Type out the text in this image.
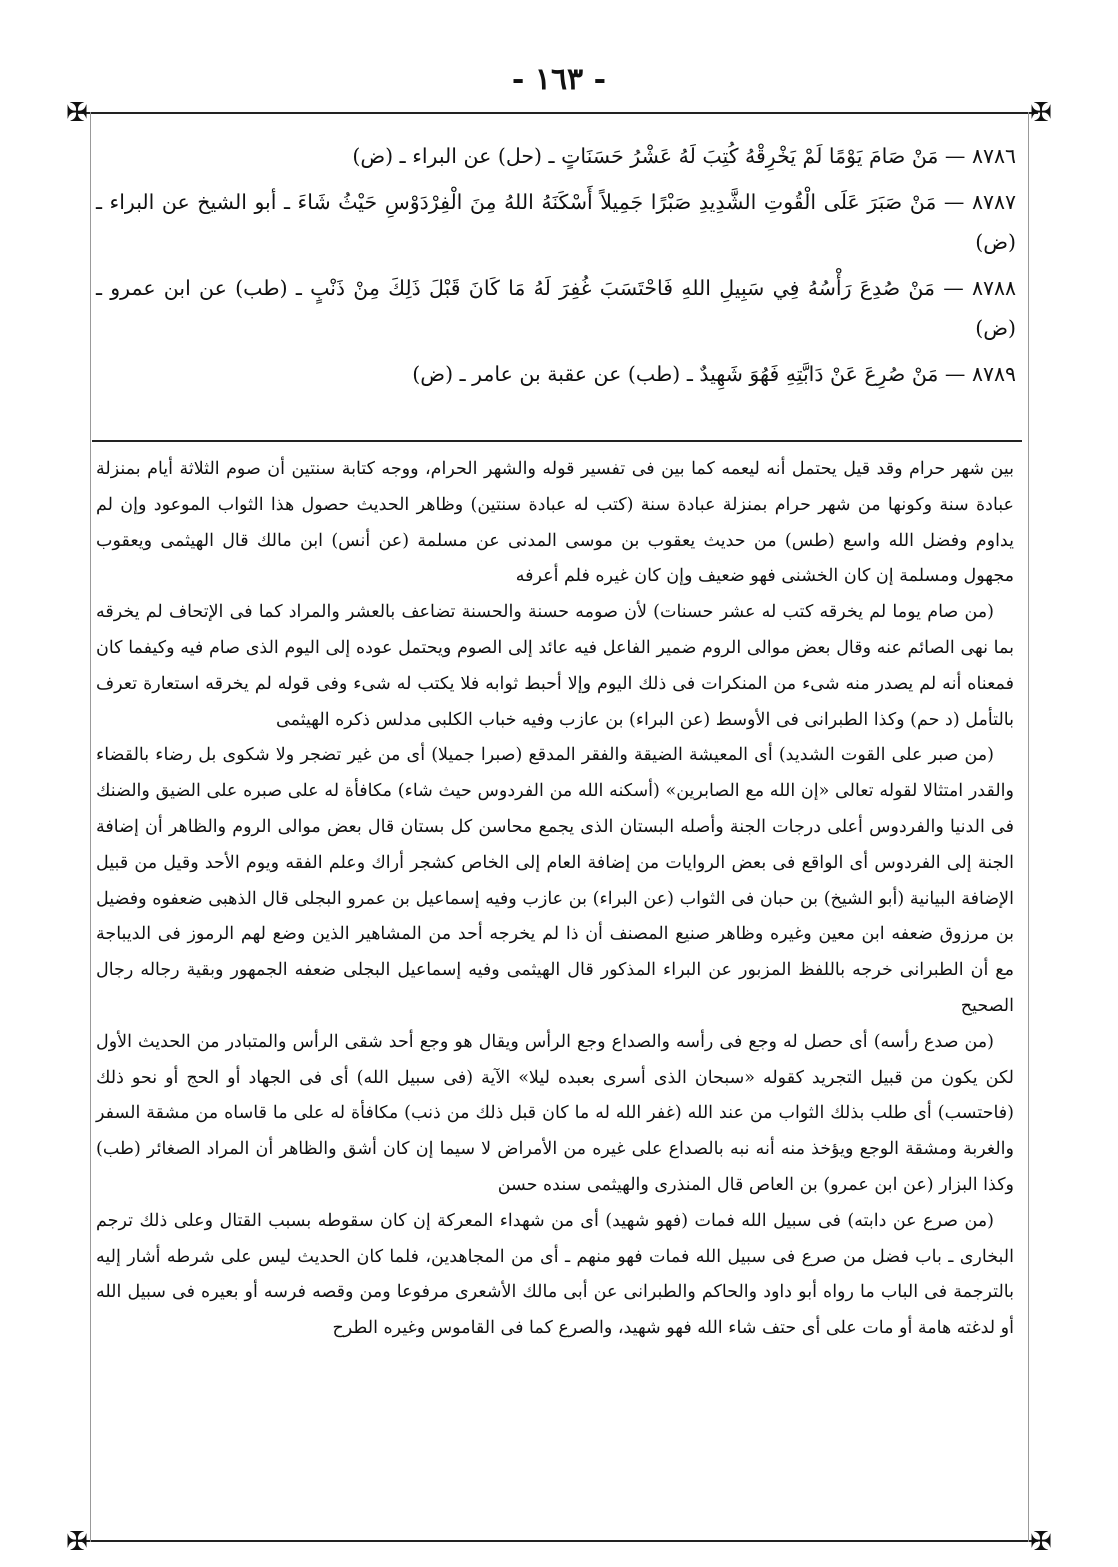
✠	✠
✠	✠
- ١٦٣ -

٨٧٨٦ — مَنْ صَامَ يَوْمًا لَمْ يَخْرِقْهُ كُتِبَ لَهُ عَشْرُ حَسَنَاتٍ ـ (حل) عن البراء ـ (ض)

٨٧٨٧ — مَنْ صَبَرَ عَلَى الْقُوتِ الشَّدِيدِ صَبْرًا جَمِيلاً أَسْكَنَهُ اللهُ مِنَ الْفِرْدَوْسِ حَيْثُ شَاءَ ـ أبو الشيخ عن البراء ـ (ض)

٨٧٨٨ — مَنْ صُدِعَ رَأْسُهُ فِي سَبِيلِ اللهِ فَاحْتَسَبَ غُفِرَ لَهُ مَا كَانَ قَبْلَ ذَلِكَ مِنْ ذَنْبٍ ـ (طب) عن ابن عمرو ـ (ض)

٨٧٨٩ — مَنْ صُرِعَ عَنْ دَابَّتِهِ فَهُوَ شَهِيدٌ ـ (طب) عن عقبة بن عامر ـ (ض)

بين شهر حرام وقد قيل يحتمل أنه ليعمه كما بين فى تفسير قوله والشهر الحرام، ووجه كتابة سنتين أن صوم الثلاثة أيام بمنزلة عبادة سنة وكونها من شهر حرام بمنزلة عبادة سنة (كتب له عبادة سنتين) وظاهر الحديث حصول هذا الثواب الموعود وإن لم يداوم وفضل الله واسع (طس) من حديث يعقوب بن موسى المدنى عن مسلمة (عن أنس) ابن مالك قال الهيثمى ويعقوب مجهول ومسلمة إن كان الخشنى فهو ضعيف وإن كان غيره فلم أعرفه

(من صام يوما لم يخرقه كتب له عشر حسنات) لأن صومه حسنة والحسنة تضاعف بالعشر والمراد كما فى الإتحاف لم يخرقه بما نهى الصائم عنه وقال بعض موالى الروم ضمير الفاعل فيه عائد إلى الصوم ويحتمل عوده إلى اليوم الذى صام فيه وكيفما كان فمعناه أنه لم يصدر منه شىء من المنكرات فى ذلك اليوم وإلا أحبط ثوابه فلا يكتب له شىء وفى قوله لم يخرقه استعارة تعرف بالتأمل (د حم) وكذا الطبرانى فى الأوسط (عن البراء) بن عازب وفيه خباب الكلبى مدلس ذكره الهيثمى

(من صبر على القوت الشديد) أى المعيشة الضيقة والفقر المدقع (صبرا جميلا) أى من غير تضجر ولا شكوى بل رضاء بالقضاء والقدر امتثالا لقوله تعالى «إن الله مع الصابرين» (أسكنه الله من الفردوس حيث شاء) مكافأة له على صبره على الضيق والضنك فى الدنيا والفردوس أعلى درجات الجنة وأصله البستان الذى يجمع محاسن كل بستان قال بعض موالى الروم والظاهر أن إضافة الجنة إلى الفردوس أى الواقع فى بعض الروايات من إضافة العام إلى الخاص كشجر أراك وعلم الفقه ويوم الأحد وقيل من قبيل الإضافة البيانية (أبو الشيخ) بن حبان فى الثواب (عن البراء) بن عازب وفيه إسماعيل بن عمرو البجلى قال الذهبى ضعفوه وفضيل بن مرزوق ضعفه ابن معين وغيره وظاهر صنيع المصنف أن ذا لم يخرجه أحد من المشاهير الذين وضع لهم الرموز فى الديباجة مع أن الطبرانى خرجه باللفظ المزبور عن البراء المذكور قال الهيثمى وفيه إسماعيل البجلى ضعفه الجمهور وبقية رجاله رجال الصحيح

(من صدع رأسه) أى حصل له وجع فى رأسه والصداع وجع الرأس ويقال هو وجع أحد شقى الرأس والمتبادر من الحديث الأول لكن يكون من قبيل التجريد كقوله «سبحان الذى أسرى بعبده ليلا» الآية (فى سبيل الله) أى فى الجهاد أو الحج أو نحو ذلك (فاحتسب) أى طلب بذلك الثواب من عند الله (غفر الله له ما كان قبل ذلك من ذنب) مكافأة له على ما قاساه من مشقة السفر والغربة ومشقة الوجع ويؤخذ منه أنه نبه بالصداع على غيره من الأمراض لا سيما إن كان أشق والظاهر أن المراد الصغائر (طب) وكذا البزار (عن ابن عمرو) بن العاص قال المنذرى والهيثمى سنده حسن

(من صرع عن دابته) فى سبيل الله فمات (فهو شهيد) أى من شهداء المعركة إن كان سقوطه بسبب القتال وعلى ذلك ترجم البخارى ـ باب فضل من صرع فى سبيل الله فمات فهو منهم ـ أى من المجاهدين، فلما كان الحديث ليس على شرطه أشار إليه بالترجمة فى الباب ما رواه أبو داود والحاكم والطبرانى عن أبى مالك الأشعرى مرفوعا ومن وقصه فرسه أو بعيره فى سبيل الله أو لدغته هامة أو مات على أى حتف شاء الله فهو شهيد، والصرع كما فى القاموس وغيره الطرح
